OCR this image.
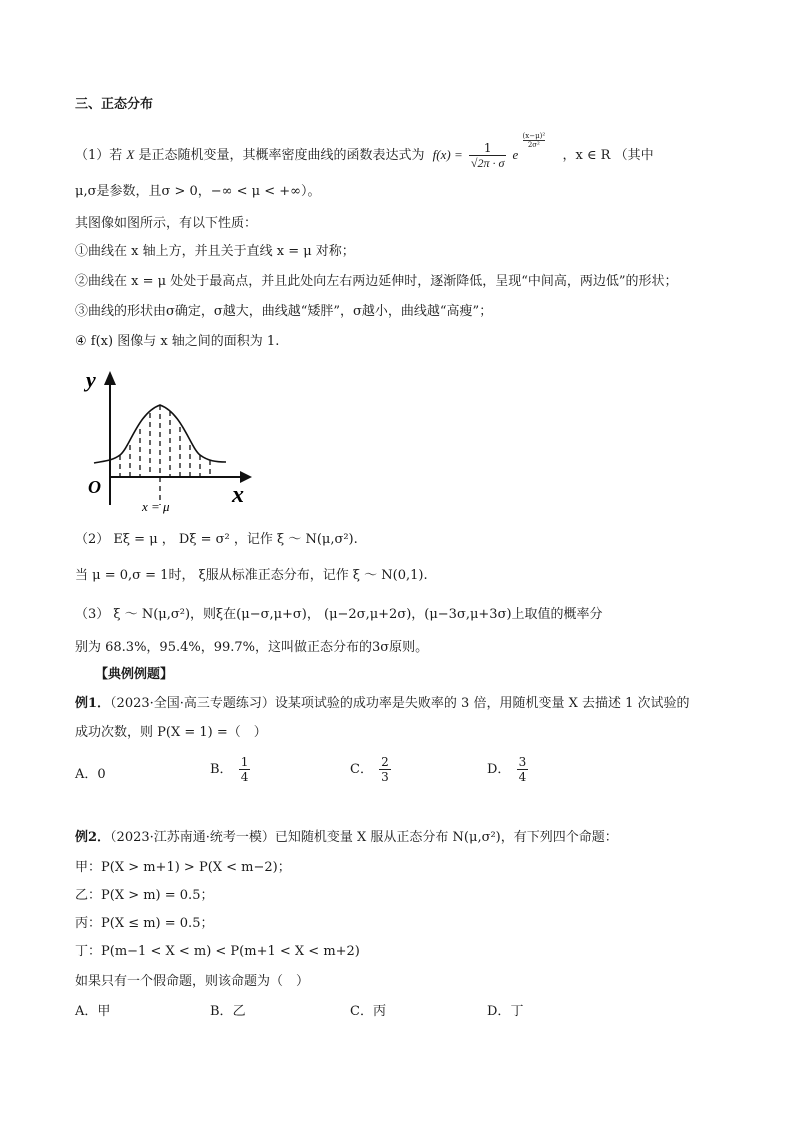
三、正态分布
（1）若 X 是正态随机变量，其概率密度曲线的函数表达式为 $f(x) = \frac{1}{√2\pi \cdot \sigma}$ e
$\frac{\text{(x−μ)²}}{\text{2σ²}}$
，x ∈ R （其中
μ,σ是参数，且σ > 0，−∞ < μ < +∞）。
其图像如图所示，有以下性质：
①曲线在 x 轴上方，并且关于直线 x = μ 对称；
②曲线在 x = μ 处处于最高点，并且此处向左右两边延伸时，逐渐降低，呈现“中间高，两边低”的形状；
③曲线的形状由σ确定，σ越大，曲线越“矮胖”，σ越小，曲线越“高瘦”；
④ f(x) 图像与 x 轴之间的面积为 1.
y
x
O
x = μ
（2） Eξ = μ ， Dξ = σ² ，记作 ξ ～ N(μ,σ²).
当 μ = 0,σ = 1时， ξ服从标准正态分布，记作 ξ ～ N(0,1).
（3） ξ ～ N(μ,σ²)，则ξ在(μ−σ,μ+σ)， (μ−2σ,μ+2σ)，(μ−3σ,μ+3σ)上取值的概率分
别为 68.3%，95.4%，99.7%，这叫做正态分布的3σ原则。
【典例例题】
例1．（2023·全国·高三专题练习）设某项试验的成功率是失败率的 3 倍，用随机变量 X 去描述 1 次试验的
成功次数，则 P(X = 1) =（　）
A．0	B． $\frac{1}{4}$	C． $\frac{2}{3}$	D． $\frac{3}{4}$
例2．（2023·江苏南通·统考一模）已知随机变量 X 服从正态分布 N(μ,σ²)，有下列四个命题：
甲：P(X > m+1) > P(X < m−2)；
乙：P(X > m) = 0.5；
丙：P(X ≤ m) = 0.5；
丁：P(m−1 < X < m) < P(m+1 < X < m+2)
如果只有一个假命题，则该命题为（　）
A．甲	B．乙	C．丙	D．丁
